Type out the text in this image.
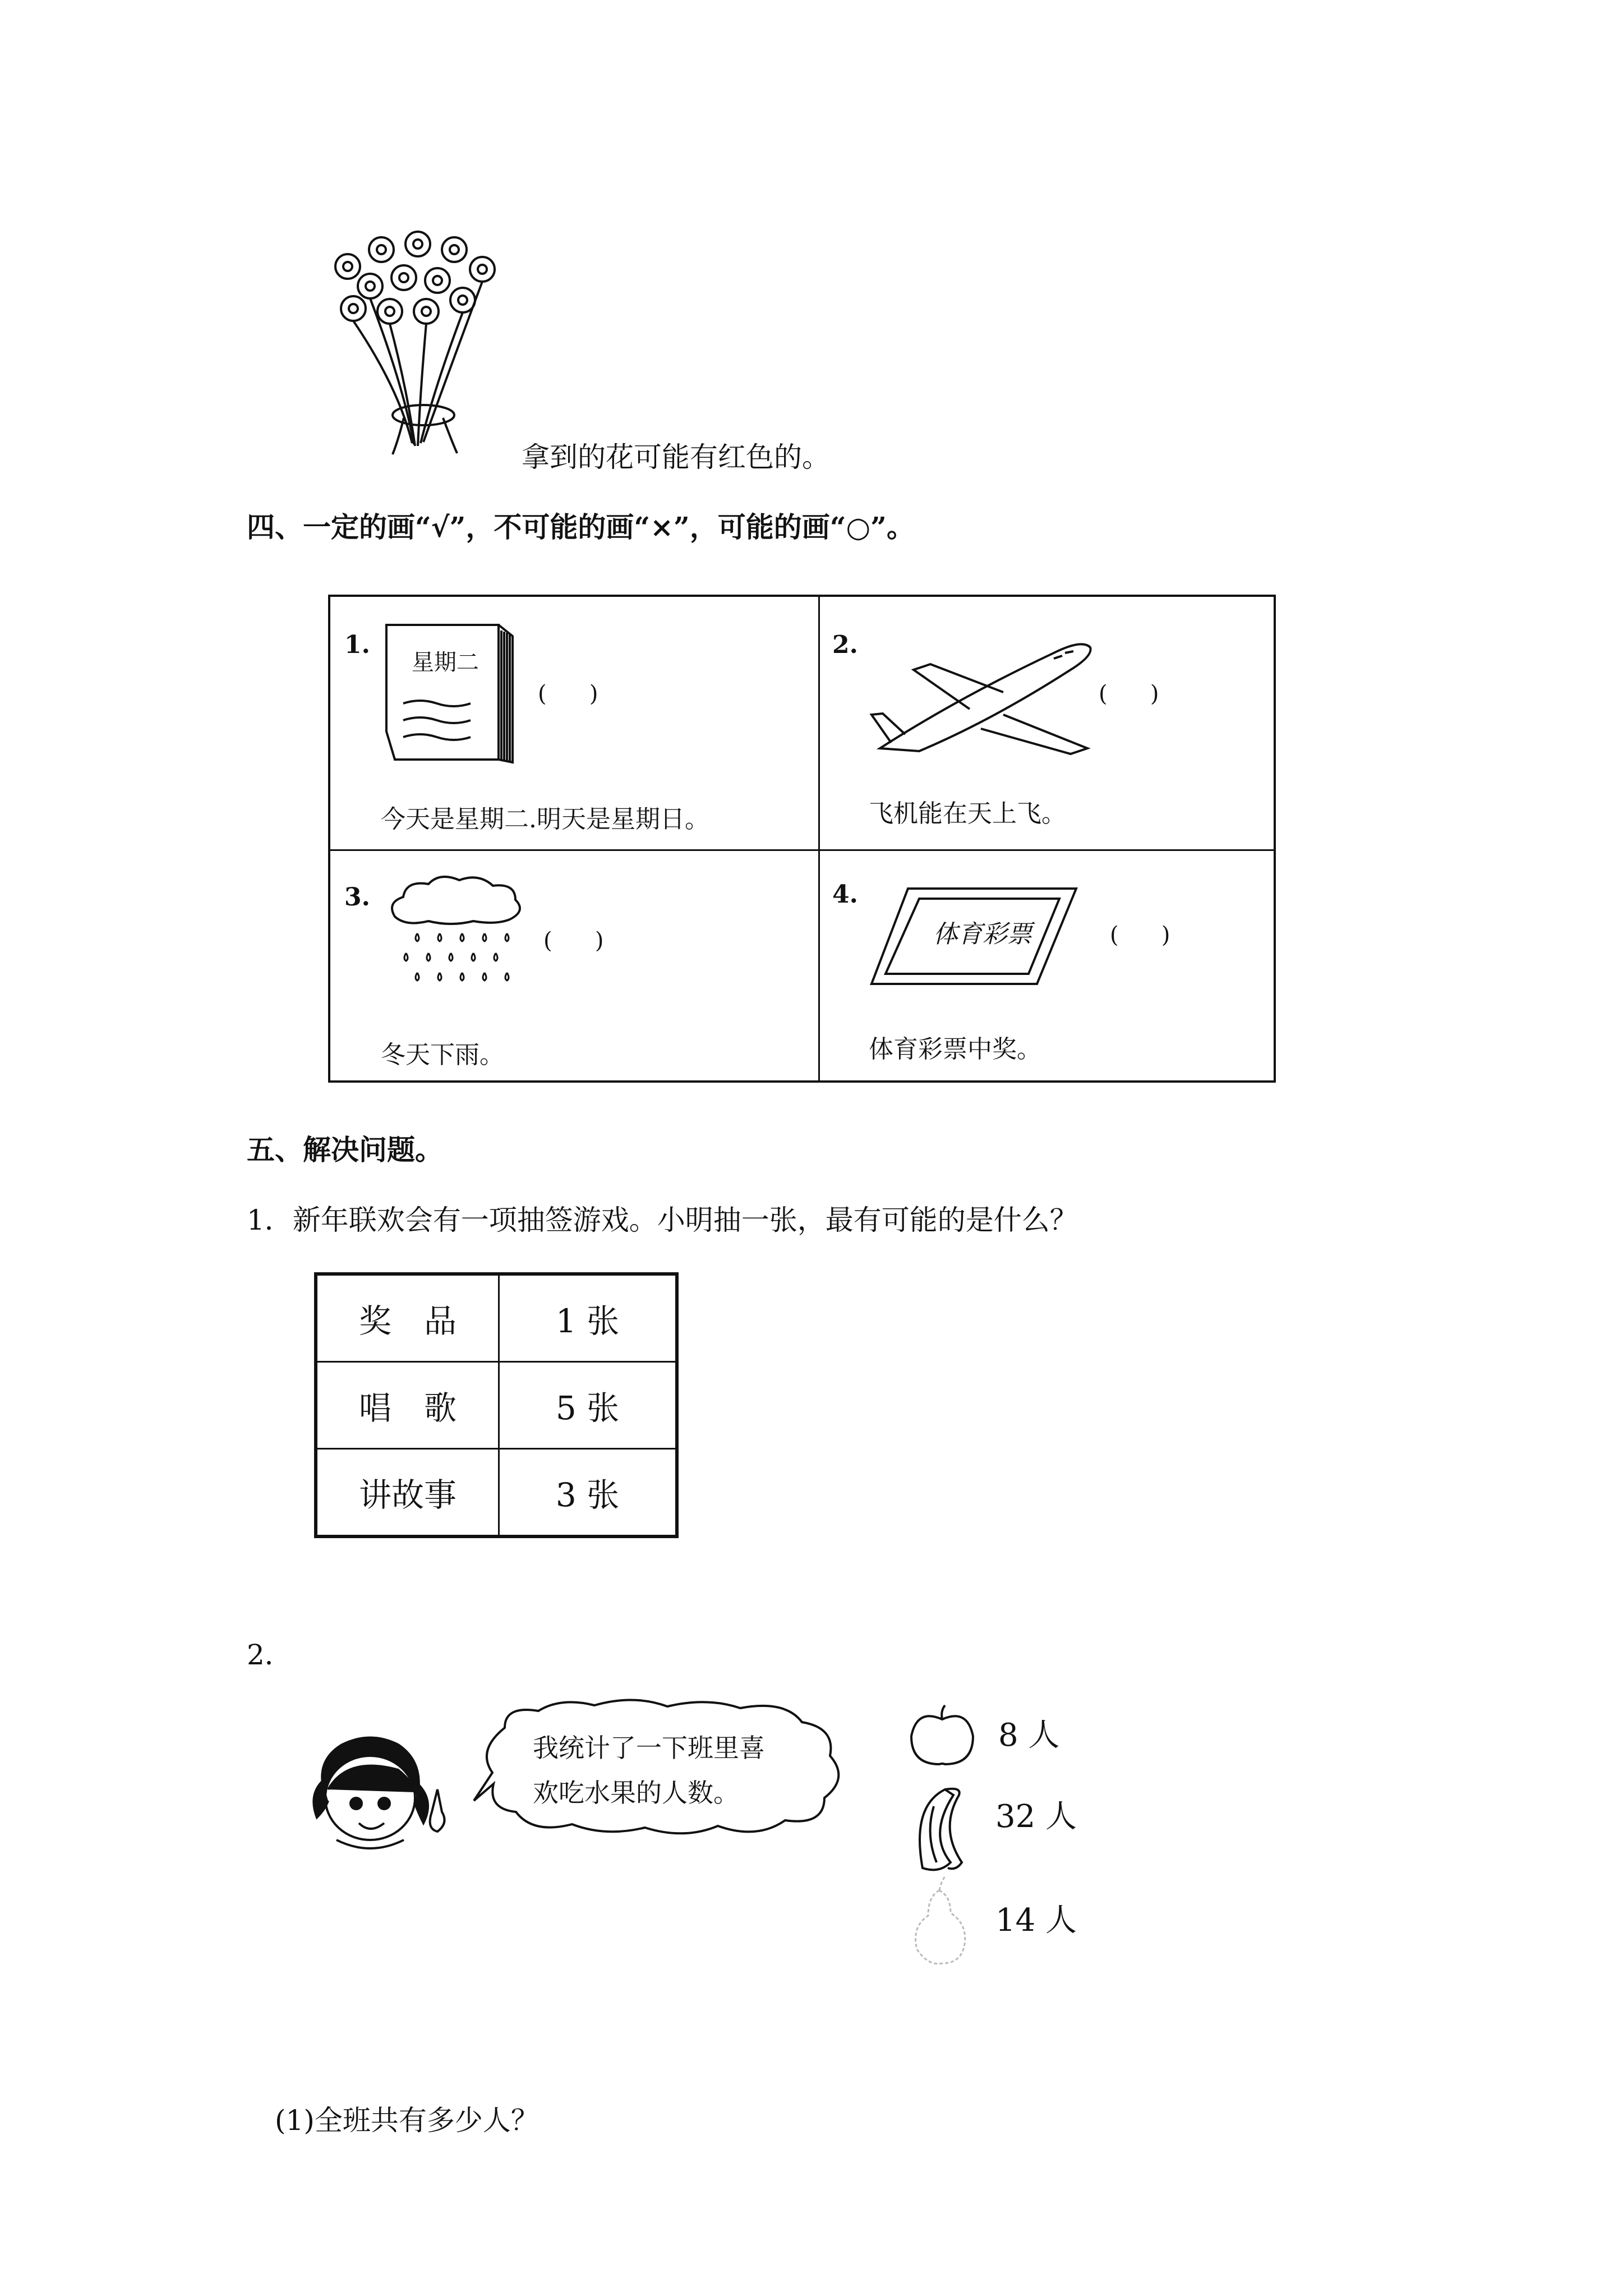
拿到的花可能有红色的。
四、一定的画“√”，不可能的画“×”，可能的画“○”。
1.
星期二
(      )
今天是星期二.明天是星期日。
2.
(      )
飞机能在天上飞。
3.
(      )
冬天下雨。
4.
体育彩票	(      )
体育彩票中奖。
五、解决问题。
1．新年联欢会有一项抽签游戏。小明抽一张，最有可能的是什么？
奖　品	1 张
唱　歌	5 张
讲故事	3 张
2．
我统计了一下班里喜
欢吃水果的人数。
8 人
32 人
14 人
(1)全班共有多少人？
